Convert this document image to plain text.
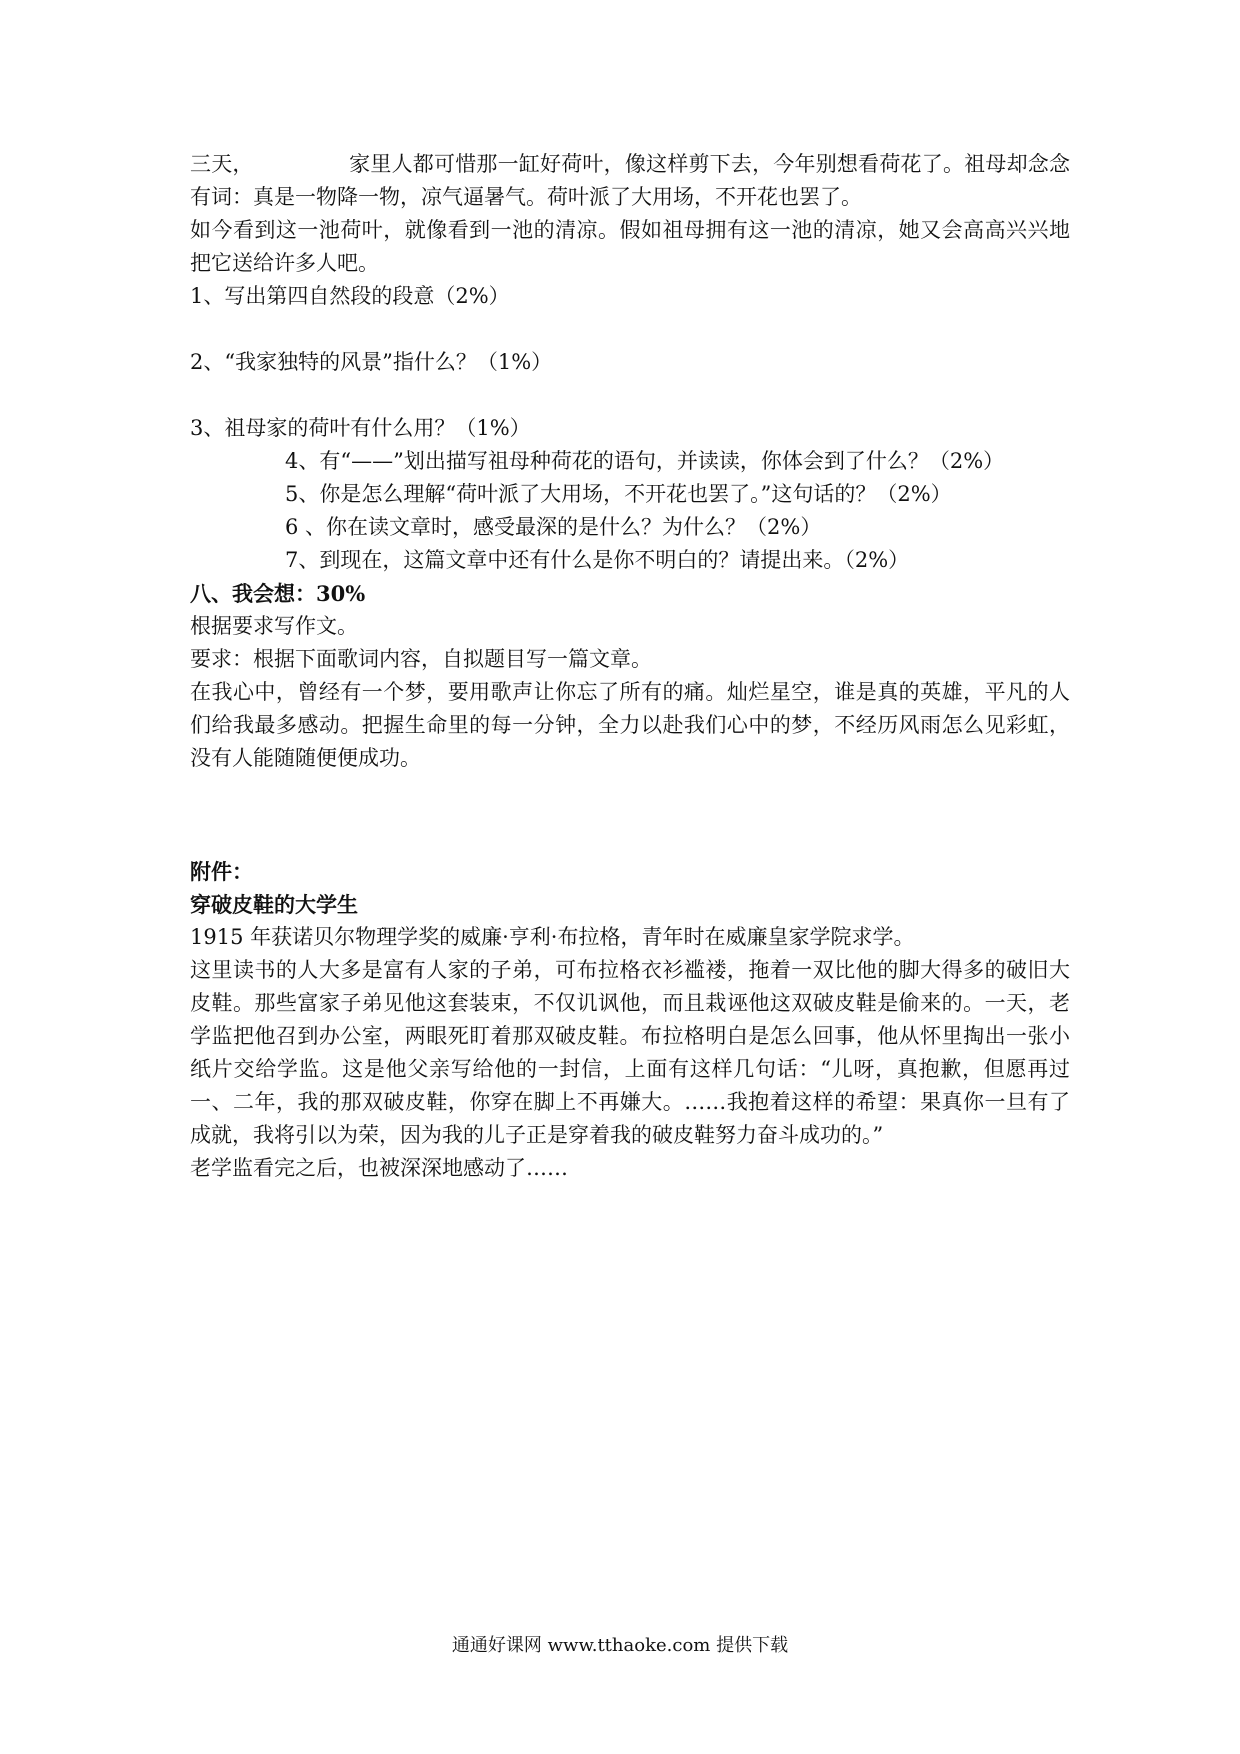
三天，　　　　　家里人都可惜那一缸好荷叶，像这样剪下去，今年别想看荷花了。祖母却念念有词：真是一物降一物，凉气逼暑气。荷叶派了大用场，不开花也罢了。

如今看到这一池荷叶，就像看到一池的清凉。假如祖母拥有这一池的清凉，她又会高高兴兴地把它送给许多人吧。

1、写出第四自然段的段意（2%）

2、“我家独特的风景”指什么？（1%）

3、祖母家的荷叶有什么用？（1%）

4、有“——”划出描写祖母种荷花的语句，并读读，你体会到了什么？（2%）

5、你是怎么理解“荷叶派了大用场，不开花也罢了。”这句话的？（2%）

6 、你在读文章时，感受最深的是什么？为什么？（2%）

7、到现在，这篇文章中还有什么是你不明白的？请提出来。（2%）

八、我会想：30%

根据要求写作文。

要求：根据下面歌词内容，自拟题目写一篇文章。

在我心中，曾经有一个梦，要用歌声让你忘了所有的痛。灿烂星空，谁是真的英雄，平凡的人们给我最多感动。把握生命里的每一分钟，全力以赴我们心中的梦，不经历风雨怎么见彩虹，没有人能随随便便成功。

附件：

穿破皮鞋的大学生

1915 年获诺贝尔物理学奖的威廉·亨利·布拉格，青年时在威廉皇家学院求学。

这里读书的人大多是富有人家的子弟，可布拉格衣衫褴褛，拖着一双比他的脚大得多的破旧大皮鞋。那些富家子弟见他这套装束，不仅讥讽他，而且栽诬他这双破皮鞋是偷来的。一天，老学监把他召到办公室，两眼死盯着那双破皮鞋。布拉格明白是怎么回事，他从怀里掏出一张小纸片交给学监。这是他父亲写给他的一封信，上面有这样几句话：“儿呀，真抱歉，但愿再过一、二年，我的那双破皮鞋，你穿在脚上不再嫌大。……我抱着这样的希望：果真你一旦有了成就，我将引以为荣，因为我的儿子正是穿着我的破皮鞋努力奋斗成功的。”

老学监看完之后，也被深深地感动了……

通通好课网 www.tthaoke.com 提供下载
